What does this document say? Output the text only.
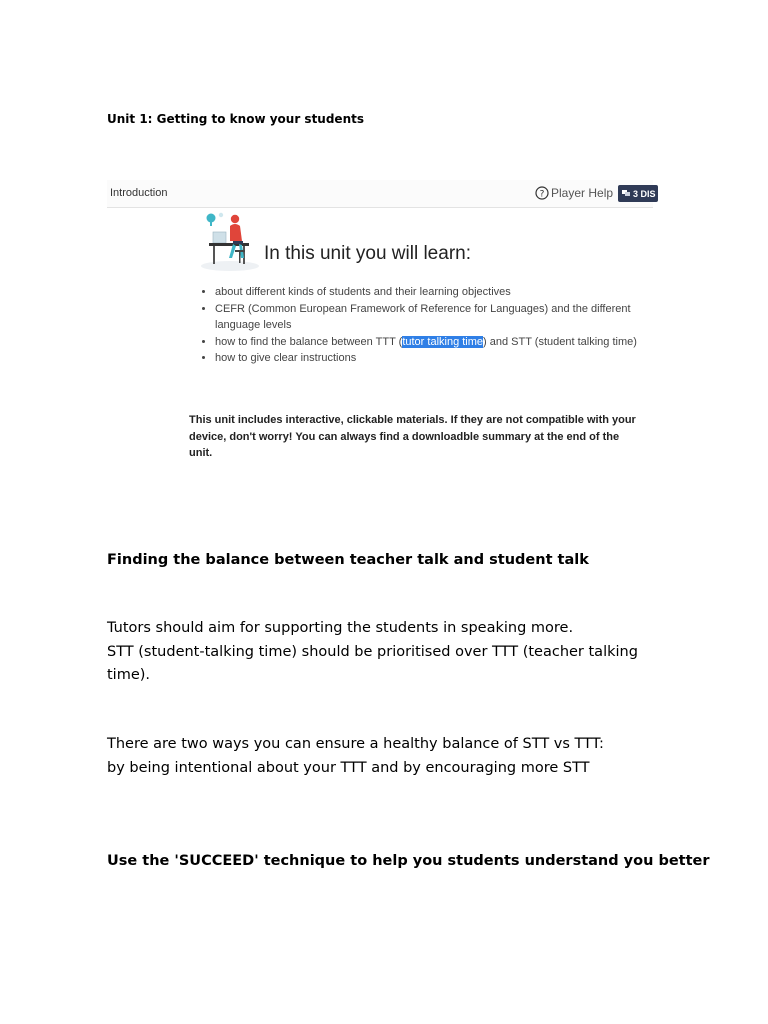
Unit 1: Getting to know your students
Introduction	? Player Help 3 DIS
In this unit you will learn:
• about different kinds of students and their learning objectives
• CEFR (Common European Framework of Reference for Languages) and the different language levels
• how to find the balance between TTT (tutor talking time) and STT (student talking time)
• how to give clear instructions
This unit includes interactive, clickable materials. If they are not compatible with your device, don't worry! You can always find a downloadble summary at the end of the unit.
Finding the balance between teacher talk and student talk
Tutors should aim for supporting the students in speaking more.
STT (student-talking time) should be prioritised over TTT (teacher talking time).
There are two ways you can ensure a healthy balance of STT vs TTT:
by being intentional about your TTT and by encouraging more STT
Use the 'SUCCEED' technique to help you students understand you better
